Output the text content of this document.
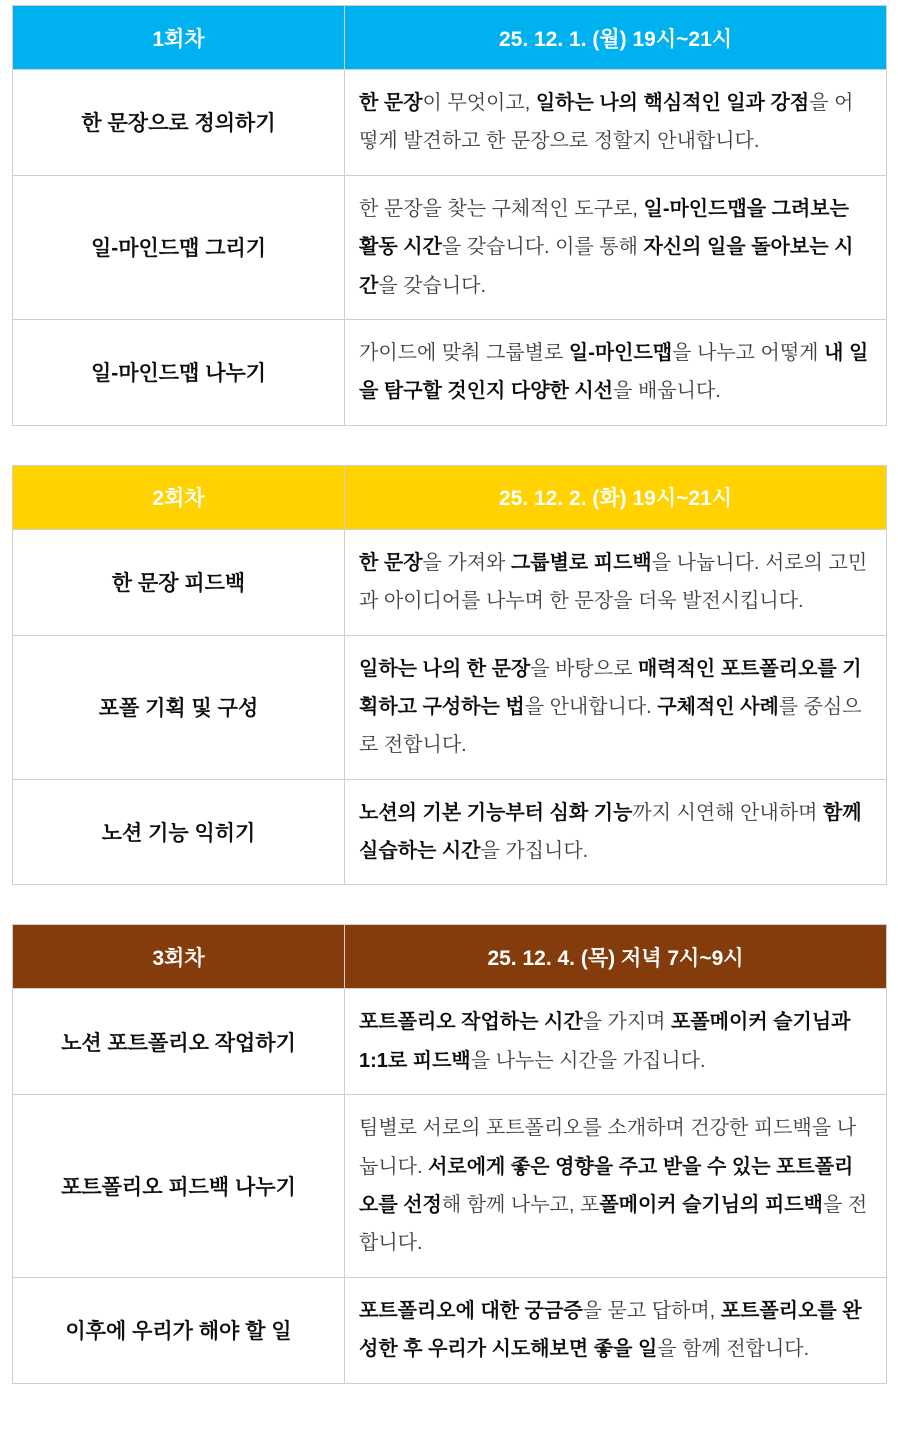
1회차	25. 12. 1. (월) 19시~21시
한 문장으로 정의하기	한 문장이 무엇이고, 일하는 나의 핵심적인 일과 강점을 어떻게 발견하고 한 문장으로 정할지 안내합니다.
일-마인드맵 그리기	한 문장을 찾는 구체적인 도구로, 일-마인드맵을 그려보는 활동 시간을 갖습니다. 이를 통해 자신의 일을 돌아보는 시간을 갖습니다.
일-마인드맵 나누기	가이드에 맞춰 그룹별로 일-마인드맵을 나누고 어떻게 내 일을 탐구할 것인지 다양한 시선을 배웁니다.
2회차	25. 12. 2. (화) 19시~21시
한 문장 피드백	한 문장을 가져와 그룹별로 피드백을 나눕니다. 서로의 고민과 아이디어를 나누며 한 문장을 더욱 발전시킵니다.
포폴 기획 및 구성	일하는 나의 한 문장을 바탕으로 매력적인 포트폴리오를 기획하고 구성하는 법을 안내합니다. 구체적인 사례를 중심으로 전합니다.
노션 기능 익히기	노션의 기본 기능부터 심화 기능까지 시연해 안내하며 함께 실습하는 시간을 가집니다.
3회차	25. 12. 4. (목) 저녁 7시~9시
노션 포트폴리오 작업하기	포트폴리오 작업하는 시간을 가지며 포폴메이커 슬기님과 1:1로 피드백을 나누는 시간을 가집니다.
포트폴리오 피드백 나누기	팀별로 서로의 포트폴리오를 소개하며 건강한 피드백을 나눕니다. 서로에게 좋은 영향을 주고 받을 수 있는 포트폴리오를 선정해 함께 나누고, 포폴메이커 슬기님의 피드백을 전합니다.
이후에 우리가 해야 할 일	포트폴리오에 대한 궁금증을 묻고 답하며, 포트폴리오를 완성한 후 우리가 시도해보면 좋을 일을 함께 전합니다.
